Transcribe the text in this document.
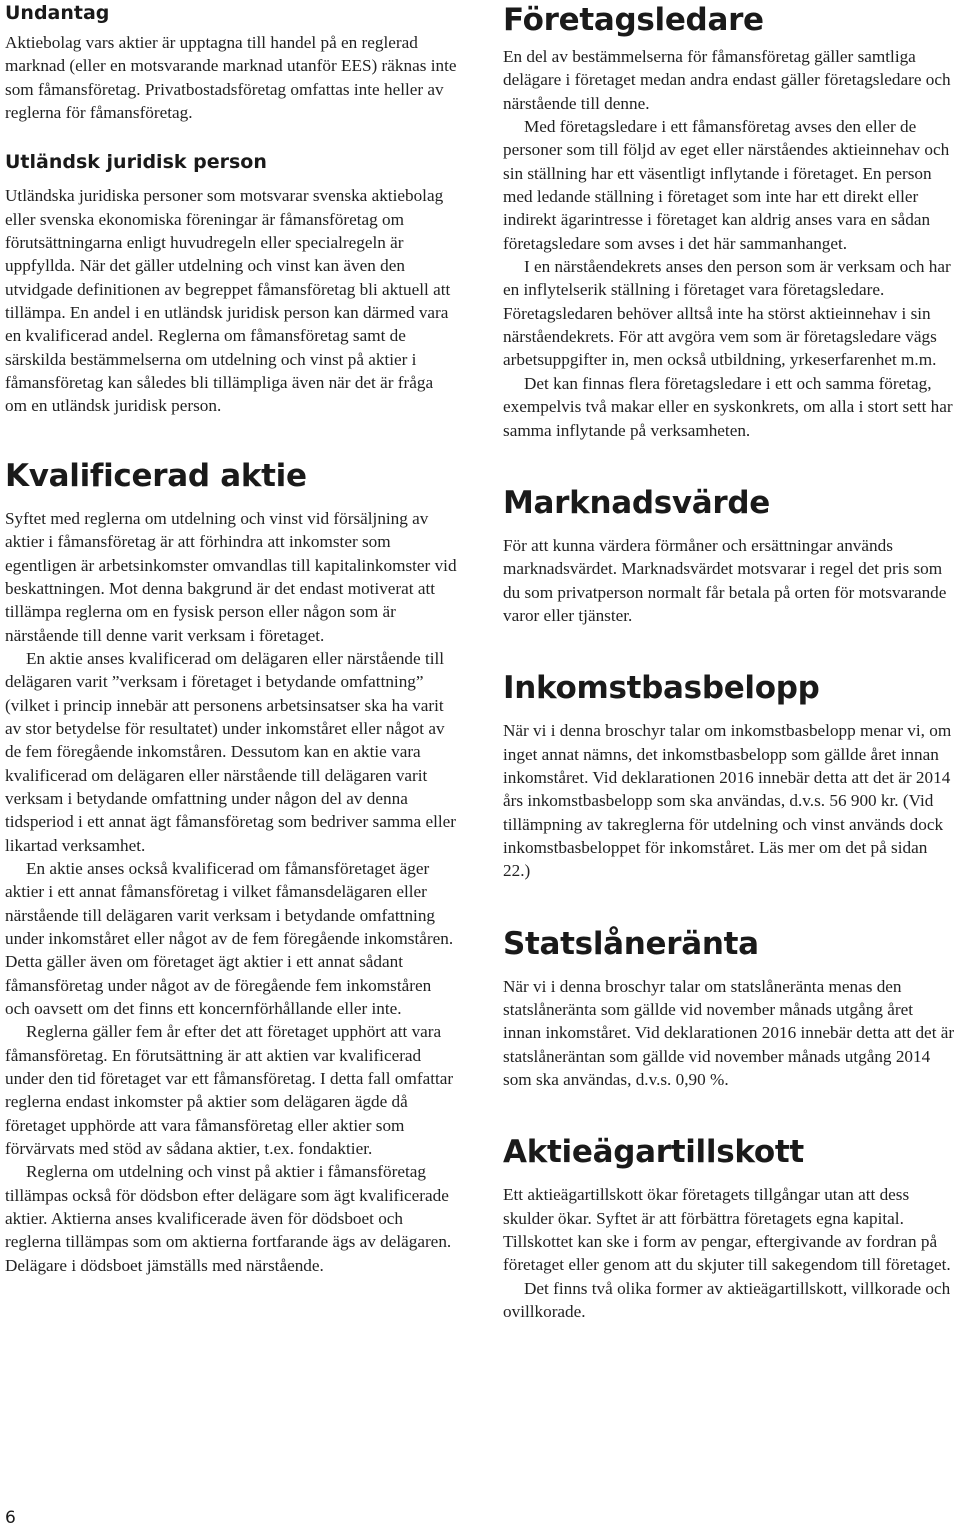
Undantag

Aktiebolag vars aktier är upptagna till handel på en reglerad marknad (eller en motsvarande marknad utanför EES) räknas inte som fåmansföretag. Privatbostadsföretag omfattas inte heller av reglerna för fåmansföretag.

Utländsk juridisk person

Utländska juridiska personer som motsvarar svenska aktiebolag eller svenska ekonomiska föreningar är fåmansföretag om förutsättningarna enligt huvudregeln eller specialregeln är uppfyllda. När det gäller utdelning och vinst kan även den utvidgade definitionen av begreppet fåmansföretag bli aktuell att tillämpa. En andel i en utländsk juridisk person kan därmed vara en kvalificerad andel. Reglerna om fåmansföretag samt de särskilda bestämmelserna om utdelning och vinst på aktier i fåmansföretag kan således bli tillämpliga även när det är fråga om en utländsk juridisk person.

Kvalificerad aktie

Syftet med reglerna om utdelning och vinst vid försäljning av aktier i fåmansföretag är att förhindra att inkomster som egentligen är arbetsinkomster omvandlas till kapitalinkomster vid beskattningen. Mot denna bakgrund är det endast motiverat att tillämpa reglerna om en fysisk person eller någon som är närstående till denne varit verksam i företaget.

En aktie anses kvalificerad om delägaren eller närstående till delägaren varit ”verksam i företaget i betydande omfattning” (vilket i princip innebär att personens arbetsinsatser ska ha varit av stor betydelse för resultatet) under inkomståret eller något av de fem föregående inkomståren. Dessutom kan en aktie vara kvalificerad om delägaren eller närstående till delägaren varit verksam i betydande omfattning under någon del av denna tidsperiod i ett annat ägt fåmansföretag som bedriver samma eller likartad verksamhet.

En aktie anses också kvalificerad om fåmansföretaget äger aktier i ett annat fåmansföretag i vilket fåmansdelägaren eller närstående till delägaren varit verksam i betydande omfattning under inkomståret eller något av de fem föregående inkomståren. Detta gäller även om företaget ägt aktier i ett annat sådant fåmansföretag under något av de föregående fem inkomståren och oavsett om det finns ett koncernförhållande eller inte.

Reglerna gäller fem år efter det att företaget upphört att vara fåmansföretag. En förutsättning är att aktien var kvalificerad under den tid företaget var ett fåmansföretag. I detta fall omfattar reglerna endast inkomster på aktier som delägaren ägde då företaget upphörde att vara fåmansföretag eller aktier som förvärvats med stöd av sådana aktier, t.ex. fondaktier.

Reglerna om utdelning och vinst på aktier i fåmansföretag tillämpas också för dödsbon efter delägare som ägt kvalificerade aktier. Aktierna anses kvalificerade även för dödsboet och reglerna tillämpas som om aktierna fortfarande ägs av delägaren. Delägare i dödsboet jämställs med närstående.

Företagsledare

En del av bestämmelserna för fåmansföretag gäller samtliga delägare i företaget medan andra endast gäller företagsledare och närstående till denne.

Med företagsledare i ett fåmansföretag avses den eller de personer som till följd av eget eller närståendes aktieinnehav och sin ställning har ett väsentligt inflytande i företaget. En person med ledande ställning i företaget som inte har ett direkt eller indirekt ägarintresse i företaget kan aldrig anses vara en sådan företagsledare som avses i det här sammanhanget.

I en närståendekrets anses den person som är verksam och har en inflytelserik ställning i företaget vara företagsledare. Företagsledaren behöver alltså inte ha störst aktieinnehav i sin närståendekrets. För att avgöra vem som är företagsledare vägs arbetsuppgifter in, men också utbildning, yrkeserfarenhet m.m.

Det kan finnas flera företagsledare i ett och samma företag, exempelvis två makar eller en syskonkrets, om alla i stort sett har samma inflytande på verksamheten.

Marknadsvärde

För att kunna värdera förmåner och ersättningar används marknadsvärdet. Marknadsvärdet motsvarar i regel det pris som du som privatperson normalt får betala på orten för motsvarande varor eller tjänster.

Inkomstbasbelopp

När vi i denna broschyr talar om inkomstbasbelopp menar vi, om inget annat nämns, det inkomstbasbelopp som gällde året innan inkomståret. Vid deklarationen 2016 innebär detta att det är 2014 års inkomstbasbelopp som ska användas, d.v.s. 56 900 kr. (Vid tillämpning av takreglerna för utdelning och vinst används dock inkomstbasbeloppet för inkomståret. Läs mer om det på sidan 22.)

Statslåneränta

När vi i denna broschyr talar om statslåneränta menas den statslåneränta som gällde vid november månads utgång året innan inkomståret. Vid deklarationen 2016 innebär detta att det är statslåneräntan som gällde vid november månads utgång 2014 som ska användas, d.v.s. 0,90 %.

Aktieägartillskott

Ett aktieägartillskott ökar företagets tillgångar utan att dess skulder ökar. Syftet är att förbättra företagets egna kapital. Tillskottet kan ske i form av pengar, eftergivande av fordran på företaget eller genom att du skjuter till sakegendom till företaget.

Det finns två olika former av aktieägartillskott, villkorade och ovillkorade.

6
